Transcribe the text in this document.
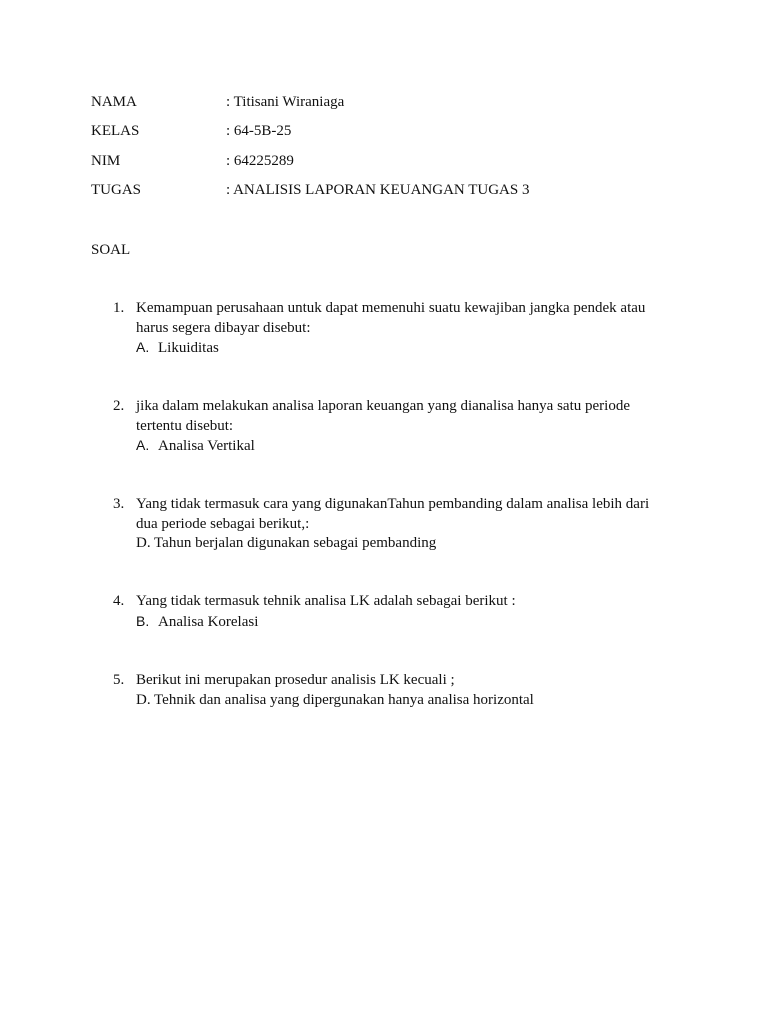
NAMA	: Titisani Wiraniaga
KELAS	: 64-5B-25
NIM	: 64225289
TUGAS	: ANALISIS LAPORAN KEUANGAN TUGAS 3
SOAL
1. Kemampuan perusahaan untuk dapat memenuhi suatu kewajiban jangka pendek atau harus segera dibayar disebut:
A. Likuiditas
2. jika dalam melakukan analisa laporan keuangan yang dianalisa hanya satu periode tertentu disebut:
A. Analisa Vertikal
3. Yang tidak termasuk cara yang digunakanTahun pembanding dalam analisa lebih dari dua periode sebagai berikut,:
D. Tahun berjalan digunakan sebagai pembanding
4. Yang tidak termasuk tehnik analisa LK adalah sebagai berikut :
B. Analisa Korelasi
5. Berikut ini merupakan prosedur analisis LK kecuali ;
D. Tehnik dan analisa yang dipergunakan hanya analisa horizontal
